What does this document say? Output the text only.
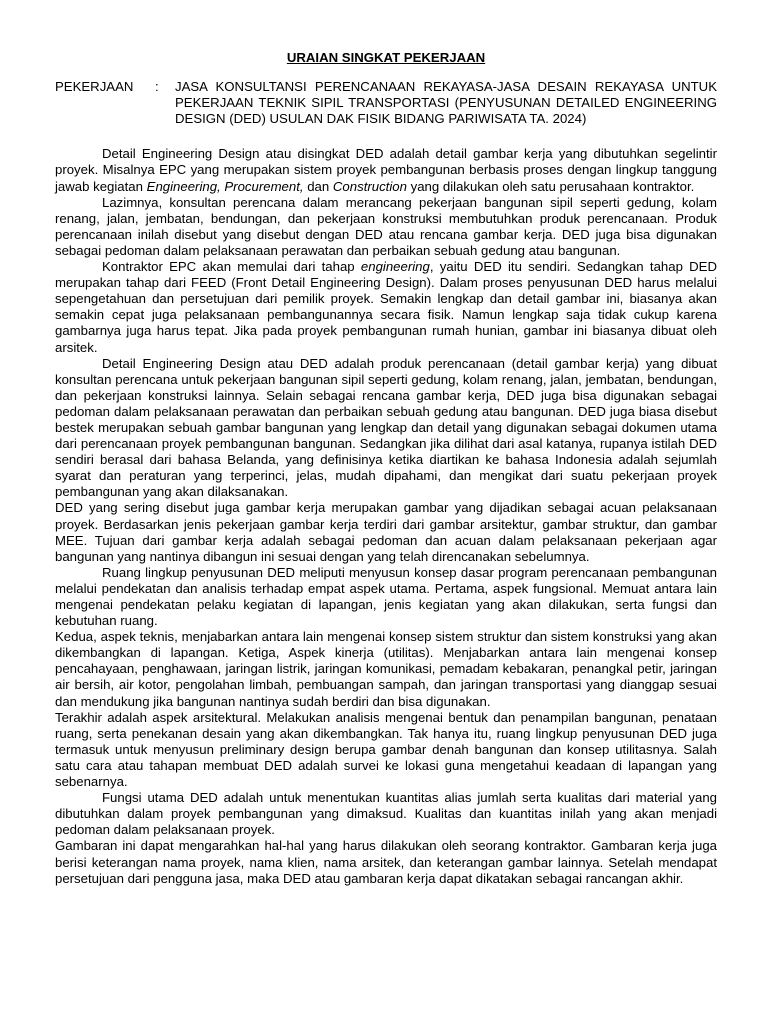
URAIAN SINGKAT PEKERJAAN
PEKERJAAN	:	JASA KONSULTANSI PERENCANAAN REKAYASA-JASA DESAIN REKAYASA UNTUK PEKERJAAN TEKNIK SIPIL TRANSPORTASI (PENYUSUNAN DETAILED ENGINEERING DESIGN (DED) USULAN DAK FISIK BIDANG PARIWISATA TA. 2024)

Detail Engineering Design atau disingkat DED adalah detail gambar kerja yang dibutuhkan segelintir proyek. Misalnya EPC yang merupakan sistem proyek pembangunan berbasis proses dengan lingkup tanggung jawab kegiatan Engineering, Procurement, dan Construction yang dilakukan oleh satu perusahaan kontraktor.

Lazimnya, konsultan perencana dalam merancang pekerjaan bangunan sipil seperti gedung, kolam renang, jalan, jembatan, bendungan, dan pekerjaan konstruksi membutuhkan produk perencanaan. Produk perencanaan inilah disebut yang disebut dengan DED atau rencana gambar kerja. DED juga bisa digunakan sebagai pedoman dalam pelaksanaan perawatan dan perbaikan sebuah gedung atau bangunan.

Kontraktor EPC akan memulai dari tahap engineering, yaitu DED itu sendiri. Sedangkan tahap DED merupakan tahap dari FEED (Front Detail Engineering Design). Dalam proses penyusunan DED harus melalui sepengetahuan dan persetujuan dari pemilik proyek. Semakin lengkap dan detail gambar ini, biasanya akan semakin cepat juga pelaksanaan pembangunannya secara fisik. Namun lengkap saja tidak cukup karena gambarnya juga harus tepat. Jika pada proyek pembangunan rumah hunian, gambar ini biasanya dibuat oleh arsitek.

Detail Engineering Design atau DED adalah produk perencanaan (detail gambar kerja) yang dibuat konsultan perencana untuk pekerjaan bangunan sipil seperti gedung, kolam renang, jalan, jembatan, bendungan, dan pekerjaan konstruksi lainnya. Selain sebagai rencana gambar kerja, DED juga bisa digunakan sebagai pedoman dalam pelaksanaan perawatan dan perbaikan sebuah gedung atau bangunan. DED juga biasa disebut bestek merupakan sebuah gambar bangunan yang lengkap dan detail yang digunakan sebagai dokumen utama dari perencanaan proyek pembangunan bangunan. Sedangkan jika dilihat dari asal katanya, rupanya istilah DED sendiri berasal dari bahasa Belanda, yang definisinya ketika diartikan ke bahasa Indonesia adalah sejumlah syarat dan peraturan yang terperinci, jelas, mudah dipahami, dan mengikat dari suatu pekerjaan proyek pembangunan yang akan dilaksanakan.

DED yang sering disebut juga gambar kerja merupakan gambar yang dijadikan sebagai acuan pelaksanaan proyek. Berdasarkan jenis pekerjaan gambar kerja terdiri dari gambar arsitektur, gambar struktur, dan gambar MEE. Tujuan dari gambar kerja adalah sebagai pedoman dan acuan dalam pelaksanaan pekerjaan agar bangunan yang nantinya dibangun ini sesuai dengan yang telah direncanakan sebelumnya.

Ruang lingkup penyusunan DED meliputi menyusun konsep dasar program perencanaan pembangunan melalui pendekatan dan analisis terhadap empat aspek utama. Pertama, aspek fungsional. Memuat antara lain mengenai pendekatan pelaku kegiatan di lapangan, jenis kegiatan yang akan dilakukan, serta fungsi dan kebutuhan ruang.

Kedua, aspek teknis, menjabarkan antara lain mengenai konsep sistem struktur dan sistem konstruksi yang akan dikembangkan di lapangan. Ketiga, Aspek kinerja (utilitas). Menjabarkan antara lain mengenai konsep pencahayaan, penghawaan, jaringan listrik, jaringan komunikasi, pemadam kebakaran, penangkal petir, jaringan air bersih, air kotor, pengolahan limbah, pembuangan sampah, dan jaringan transportasi yang dianggap sesuai dan mendukung jika bangunan nantinya sudah berdiri dan bisa digunakan.

Terakhir adalah aspek arsitektural. Melakukan analisis mengenai bentuk dan penampilan bangunan, penataan ruang, serta penekanan desain yang akan dikembangkan. Tak hanya itu, ruang lingkup penyusunan DED juga termasuk untuk menyusun preliminary design berupa gambar denah bangunan dan konsep utilitasnya. Salah satu cara atau tahapan membuat DED adalah survei ke lokasi guna mengetahui keadaan di lapangan yang sebenarnya.

Fungsi utama DED adalah untuk menentukan kuantitas alias jumlah serta kualitas dari material yang dibutuhkan dalam proyek pembangunan yang dimaksud. Kualitas dan kuantitas inilah yang akan menjadi pedoman dalam pelaksanaan proyek.

Gambaran ini dapat mengarahkan hal-hal yang harus dilakukan oleh seorang kontraktor. Gambaran kerja juga berisi keterangan nama proyek, nama klien, nama arsitek, dan keterangan gambar lainnya. Setelah mendapat persetujuan dari pengguna jasa, maka DED atau gambaran kerja dapat dikatakan sebagai rancangan akhir.
